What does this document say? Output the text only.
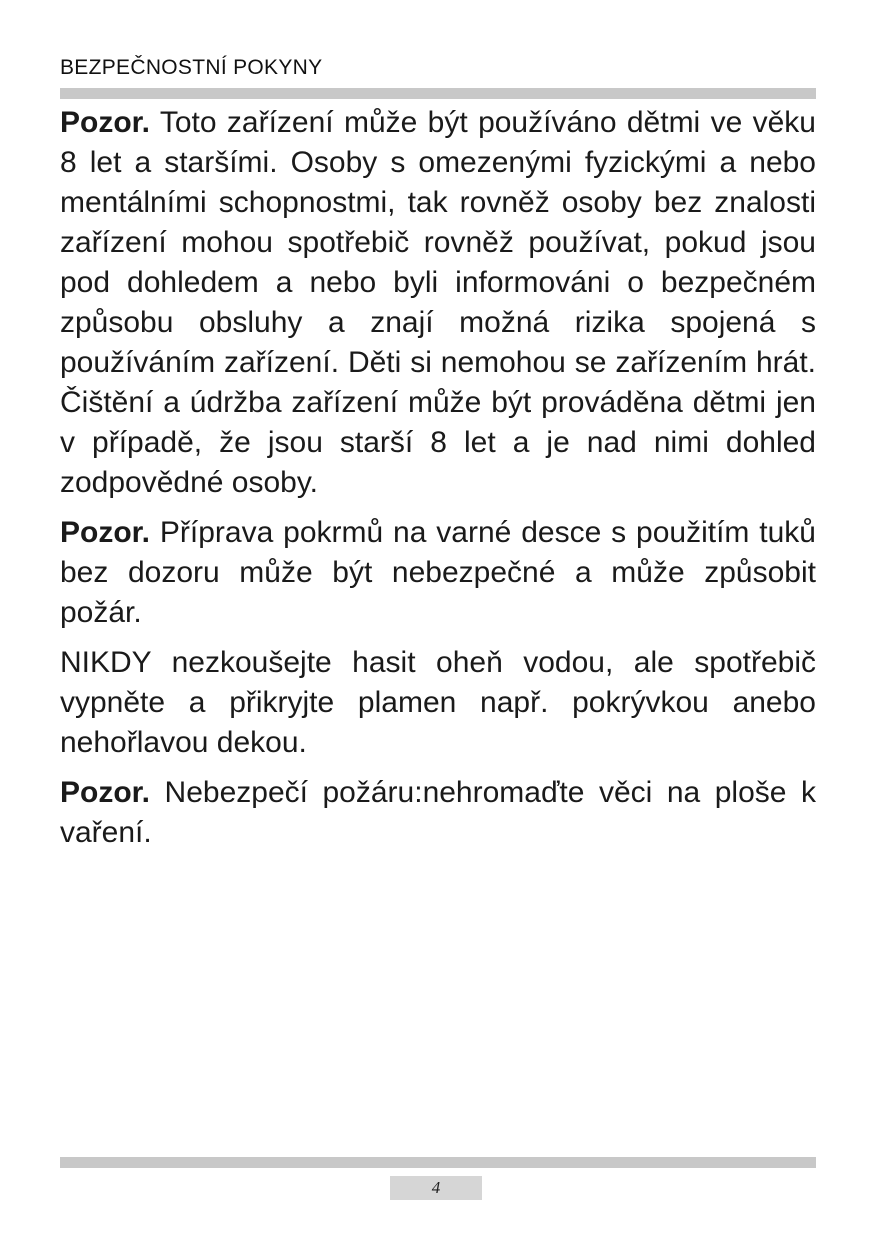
BEZPEČNOSTNÍ POKYNY

Pozor. Toto zařízení může být používáno dětmi ve věku 8 let a staršími. Osoby s omezenými fyzickými a nebo mentálními schopnostmi, tak rovněž osoby bez znalosti zařízení mohou spotřebič rovněž používat, pokud jsou pod dohledem a nebo byli informováni o bezpečném způsobu obsluhy a znají možná rizika spojená s používáním zařízení. Děti si nemohou se zařízením hrát. Čištění a údržba zařízení může být prováděna dětmi jen v případě, že jsou starší 8 let a je nad nimi dohled zodpovědné osoby.

Pozor. Příprava pokrmů na varné desce s použitím tuků bez dozoru může být nebezpečné a může způsobit požár.

NIKDY nezkoušejte hasit oheň vodou, ale spotřebič vypněte a přikryjte plamen např. pokrývkou anebo nehořlavou dekou.

Pozor. Nebezpečí požáru:nehromaďte věci na ploše k vaření.

4
